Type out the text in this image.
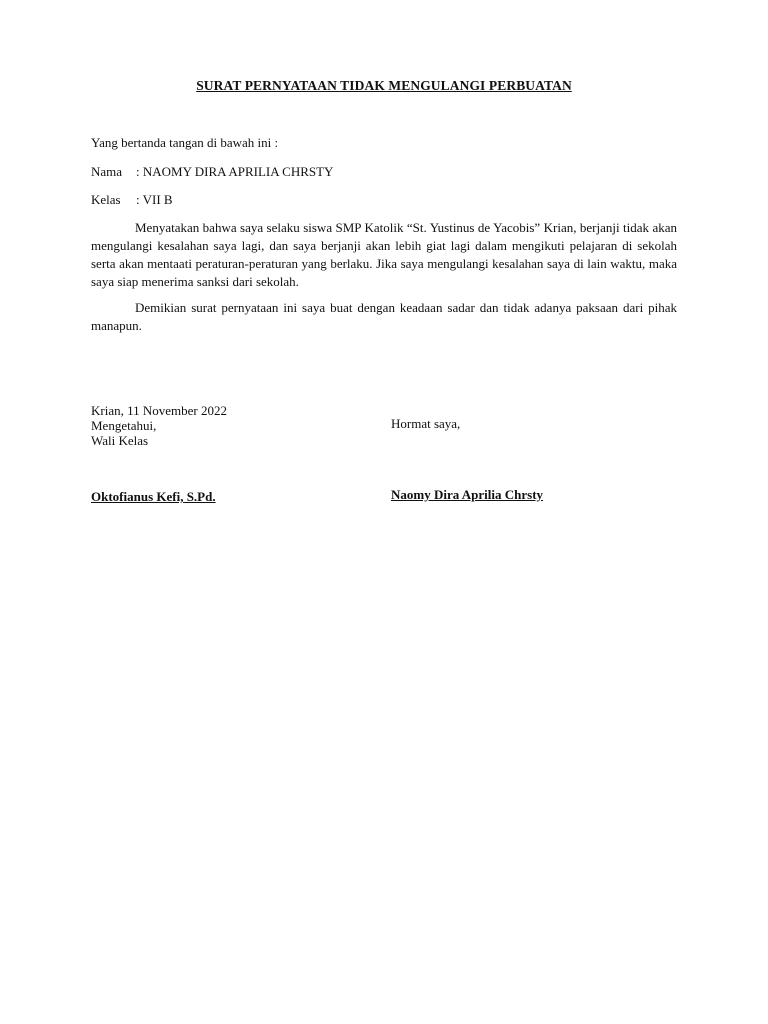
SURAT PERNYATAAN TIDAK MENGULANGI PERBUATAN
Yang bertanda tangan di bawah ini :
Nama : NAOMY DIRA APRILIA CHRSTY
Kelas : VII B

Menyatakan bahwa saya selaku siswa SMP Katolik “St. Yustinus de Yacobis” Krian, berjanji tidak akan mengulangi kesalahan saya lagi, dan saya berjanji akan lebih giat lagi dalam mengikuti pelajaran di sekolah serta akan mentaati peraturan-peraturan yang berlaku. Jika saya mengulangi kesalahan saya di lain waktu, maka saya siap menerima sanksi dari sekolah.

Demikian surat pernyataan ini saya buat dengan keadaan sadar dan tidak adanya paksaan dari pihak manapun.

Krian, 11 November 2022
Mengetahui,
Wali Kelas
Oktofianus Kefi, S.Pd.
Hormat saya,
Naomy Dira Aprilia Chrsty
